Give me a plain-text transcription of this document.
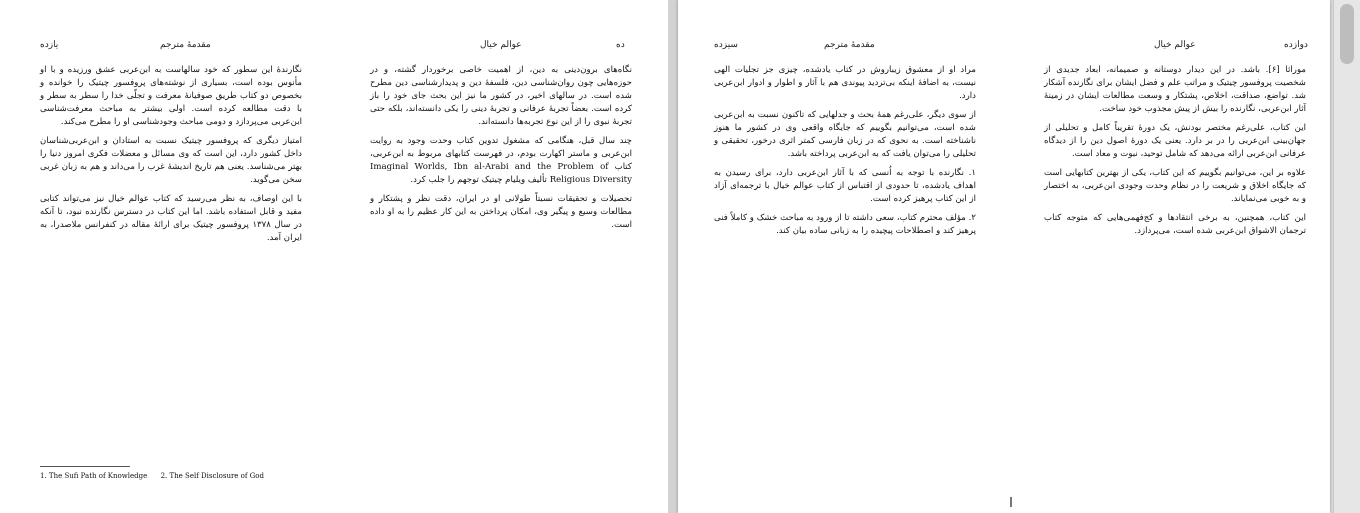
یازده	مقدمهٔ مترجم	عوالم خیال	ده

نگارندهٔ این سطور که خود سالهاست به ابن‌عربی عشق ورزیده و با او مأنوس بوده است، بسیاری از نوشته‌های پروفسور چیتیک را خوانده و بخصوص دو کتاب طریق صوفیانهٔ معرفت و تجلّی خدا را سطر به سطر و با دقت مطالعه کرده است. اولی بیشتر به مباحث معرفت‌شناسی ابن‌عربی می‌پردازد و دومی مباحث وجودشناسی او را مطرح می‌کند.

امتیاز دیگری که پروفسور چیتیک نسبت به استادان و ابن‌عربی‌شناسان داخل کشور دارد، این است که وی مسائل و معضلات فکری امروز دنیا را بهتر می‌شناسد. یعنی هم تاریخ اندیشهٔ غرب را می‌داند و هم به زبان غربی سخن می‌گوید.

با این اوصاف، به نظر می‌رسید که کتاب عوالم خیال نیز می‌تواند کتابی مفید و قابل استفاده باشد. اما این کتاب در دسترس نگارنده نبود، تا آنکه در سال ۱۳۷۸ پروفسور چیتیک برای ارائهٔ مقاله در کنفرانس ملاصدرا، به ایران آمد.

نگاه‌های برون‌دینی به دین، از اهمیت خاصی برخوردار گشته، و در حوزه‌هایی چون روان‌شناسی دین، فلسفهٔ دین و پدیدارشناسی دین مطرح شده است. در سالهای اخیر، در کشور ما نیز این بحث جای خود را باز کرده است. بعضاً تجربهٔ عرفانی و تجربهٔ دینی را یکی دانسته‌اند، بلکه حتی تجربهٔ نبوی را از این نوع تجربه‌ها دانسته‌اند.

چند سال قبل، هنگامی که مشغول تدوین کتاب وحدت وجود به روایت ابن‌عربی و ماستر اکهارت بودم، در فهرست کتابهای مربوط به ابن‌عربی، کتاب Imaginal Worlds, Ibn al-Arabi and the Problem of Religious Diversity تألیف ویلیام چیتیک توجهم را جلب کرد.

تحصیلات و تحقیقات نسبتاً طولانی او در ایران، دقت نظر و پشتکار و مطالعات وسیع و پیگیر وی، امکان پرداختن به این کار عظیم را به او داده است.

1. The Sufi Path of Knowledge 2. The Self Disclosure of God
سیزده	مقدمهٔ مترجم	عوالم خیال	دوازده

مراد او از معشوق زیباروش در کتاب یادشده، چیزی جز تجلیات الهی نیست، به اضافهٔ اینکه بی‌تردید پیوندی هم با آثار و اطوار و ادوار ابن‌عربی دارد.

از سوی دیگر، علی‌رغم همهٔ بحث و جدلهایی که تاکنون نسبت به ابن‌عربی شده است، می‌توانیم بگوییم که جایگاه واقعی وی در کشور ما هنوز ناشناخته است. به نحوی که در زبان فارسی کمتر اثری درخور، تحقیقی و تحلیلی را می‌توان یافت که به ابن‌عربی پرداخته باشد.

۱. نگارنده با توجه به اُنسی که با آثار ابن‌عربی دارد، برای رسیدن به اهداف یادشده، تا حدودی از اقتباس از کتاب عوالم خیال با ترجمه‌ای آزاد از این کتاب پرهیز کرده است.

۲. مؤلف محترم کتاب، سعی داشته تا از ورود به مباحث خشک و کاملاً فنی پرهیز کند و اصطلاحات پیچیده را به زبانی ساده بیان کند.

موراثا [۶]. باشد. در این دیدار دوستانه و صمیمانه، ابعاد جدیدی از شخصیت پروفسور چیتیک و مراتب علم و فضل ایشان برای نگارنده آشکار شد. تواضع، صداقت، اخلاص، پشتکار و وسعت مطالعات ایشان در زمینهٔ آثار ابن‌عربی، نگارنده را بیش از پیش مجذوب خود ساخت.

این کتاب، علی‌رغم مختصر بودنش، یک دورهٔ تقریباً کامل و تحلیلی از جهان‌بینی ابن‌عربی را در بر دارد. یعنی یک دورهٔ اصول دین را از دیدگاه عرفانی ابن‌عربی ارائه می‌دهد که شامل توحید، نبوت و معاد است.

علاوه بر این، می‌توانیم بگوییم که این کتاب، یکی از بهترین کتابهایی است که جایگاه اخلاق و شریعت را در نظام وحدت وجودی ابن‌عربی، به اختصار و به خوبی می‌نمایاند.

این کتاب، همچنین، به برخی انتقادها و کج‌فهمی‌هایی که متوجه کتاب ترجمان الاشواق ابن‌عربی شده است، می‌پردازد.
